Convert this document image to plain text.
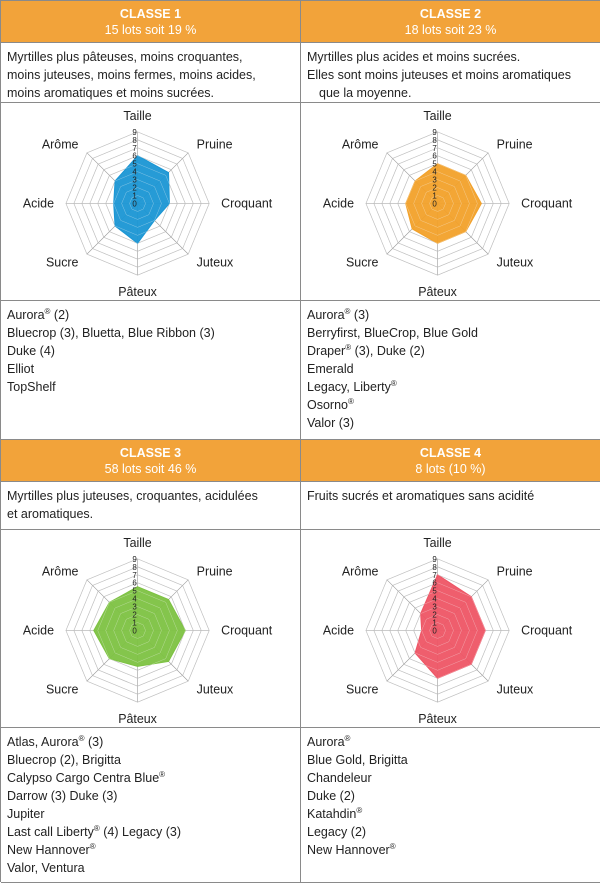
CLASSE 1
15 lots soit 19 %
CLASSE 2
18 lots soit 23 %
Myrtilles plus pâteuses, moins croquantes,
moins juteuses, moins fermes, moins acides,
moins aromatiques et moins sucrées.
Myrtilles plus acides et moins sucrées.
Elles sont moins juteuses et moins aromatiques
que la moyenne.
0
1
2
3
4
5
6
7
8
9
Taille
Pruine
Croquant
Juteux
Pâteux
Sucre
Acide
Arôme
0
1
2
3
4
5
6
7
8
9
Taille
Pruine
Croquant
Juteux
Pâteux
Sucre
Acide
Arôme
Aurora® (2)
Bluecrop (3), Bluetta, Blue Ribbon (3)
Duke (4)
Elliot
TopShelf
Aurora® (3)
Berryfirst, BlueCrop, Blue Gold
Draper® (3), Duke (2)
Emerald
Legacy, Liberty®
Osorno®
Valor (3)
CLASSE 3
58 lots soit 46 %
CLASSE 4
8 lots (10 %)
Myrtilles plus juteuses, croquantes, acidulées
et aromatiques.
Fruits sucrés et aromatiques sans acidité
0
1
2
3
4
5
6
7
8
9
Taille
Pruine
Croquant
Juteux
Pâteux
Sucre
Acide
Arôme
0
1
2
3
4
5
6
7
8
9
Taille
Pruine
Croquant
Juteux
Pâteux
Sucre
Acide
Arôme
Atlas, Aurora® (3)
Bluecrop (2), Brigitta
Calypso Cargo Centra Blue®
Darrow (3) Duke (3)
Jupiter
Last call Liberty® (4) Legacy (3)
New Hannover®
Valor, Ventura
Aurora®
Blue Gold, Brigitta
Chandeleur
Duke (2)
Katahdin®
Legacy (2)
New Hannover®
